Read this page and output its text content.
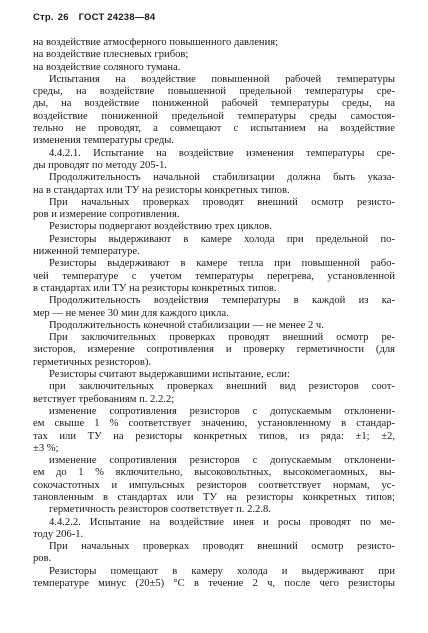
Стр. 26 ГОСТ 24238—84
на воздействие атмосферного повышенного давления;
на воздействие плесневых грибов;
на воздействие соляного тумана.
Испытания на воздействие повышенной рабочей температуры
среды, на воздействие повышенной предельной температуры сре-
ды, на воздействие пониженной рабочей температуры среды, на
воздействие пониженной предельной температуры среды самостоя-
тельно не проводят, а совмещают с испытанием на воздействие
изменения температуры среды.
4.4.2.1. Испытание на воздействие изменения температуры сре-
ды проводят по методу 205-1.
Продолжительность начальной стабилизации должна быть указа-
на в стандартах или ТУ на резисторы конкретных типов.
При начальных проверках проводят внешний осмотр резисто-
ров и измерение сопротивления.
Резисторы подвергают воздействию трех циклов.
Резисторы выдерживают в камере холода при предельной по-
ниженной температуре.
Резисторы выдерживают в камере тепла при повышенной рабо-
чей температуре с учетом температуры перегрева, установленной
в стандартах или ТУ на резисторы конкретных типов.
Продолжительность воздействия температуры в каждой из ка-
мер — не менее 30 мин для каждого цикла.
Продолжительность конечной стабилизации — не менее 2 ч.
При заключительных проверках проводят внешний осмотр ре-
зисторов, измерение сопротивления и проверку герметичности (для
герметичных резисторов).
Резисторы считают выдержавшими испытание, если:
при заключительных проверках внешний вид резисторов соот-
ветствует требованиям п. 2.2.2;
изменение сопротивления резисторов с допускаемым отклонени-
ем свыше 1 % соответствует значению, установленному в стандар-
тах или ТУ на резисторы конкретных типов, из ряда: ±1; ±2,
±3 %;
изменение сопротивления резисторов с допускаемым отклонени-
ем до 1 % включительно, высоковольтных, высокомегаомных, вы-
сокочастотных и импульсных резисторов соответствует нормам, ус-
тановленным в стандартах или ТУ на резисторы конкретных типов;
герметичность резисторов соответствует п. 2.2.8.
4.4.2.2. Испытание на воздействие инея и росы проводят по ме-
тоду 206-1.
При начальных проверках проводят внешний осмотр резисто-
ров.
Резисторы помещают в камеру холода и выдерживают при
температуре минус (20±5) °С в течение 2 ч, после чего резисторы
